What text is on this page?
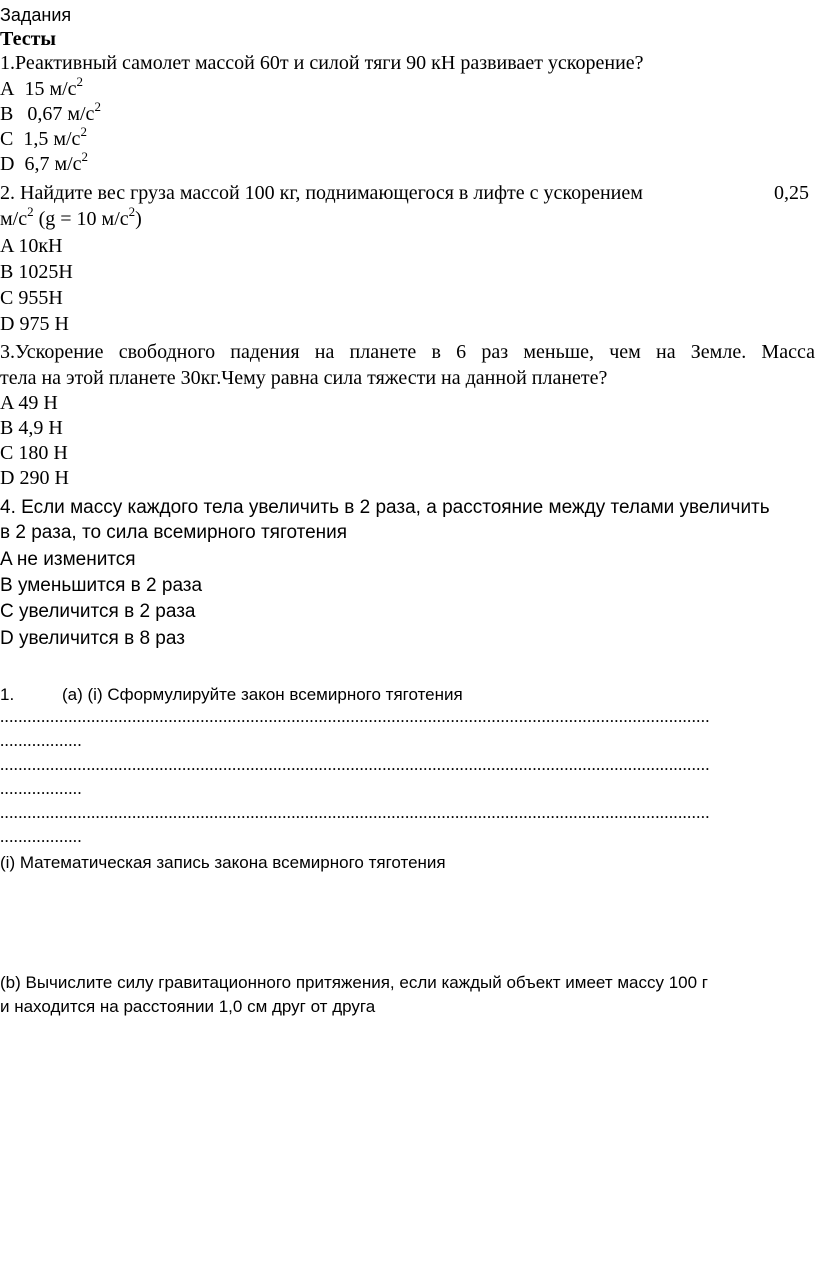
Задания
Тесты
1.Реактивный самолет массой 60т и силой тяги 90 кН развивает ускорение?
A 15 $м/с^2$
B 0,67 $м/с^2$
C 1,5 $м/с^2$
D 6,7 $м/с^2$
2. Найдите вес груза массой 100 кг, поднимающегося в лифте с ускорением	0,25
$м/с^2$ (g = 10 $м/с^2$)
A 10кН
B 1025Н
C 955Н
D 975 Н
3.Ускорение свободного падения на планете в 6 раз меньше, чем на Земле. Масса
тела на этой планете 30кг.Чему равна сила тяжести на данной планете?
A 49 Н
B 4,9 Н
C 180 Н
D 290 Н
4. Если массу каждого тела увеличить в 2 раза, а расстояние между телами увеличить
в 2 раза, то сила всемирного тяготения
A не изменится
B уменьшится в 2 раза
C увеличится в 2 раза
D увеличится в 8 раз
1.	(a) (i) Сформулируйте закон всемирного тяготения
............................................................................................................................................................
..................
............................................................................................................................................................
..................
............................................................................................................................................................
..................
(i) Математическая запись закона всемирного тяготения
(b) Вычислите силу гравитационного притяжения, если каждый объект имеет массу 100 г
и находится на расстоянии 1,0 см друг от друга
